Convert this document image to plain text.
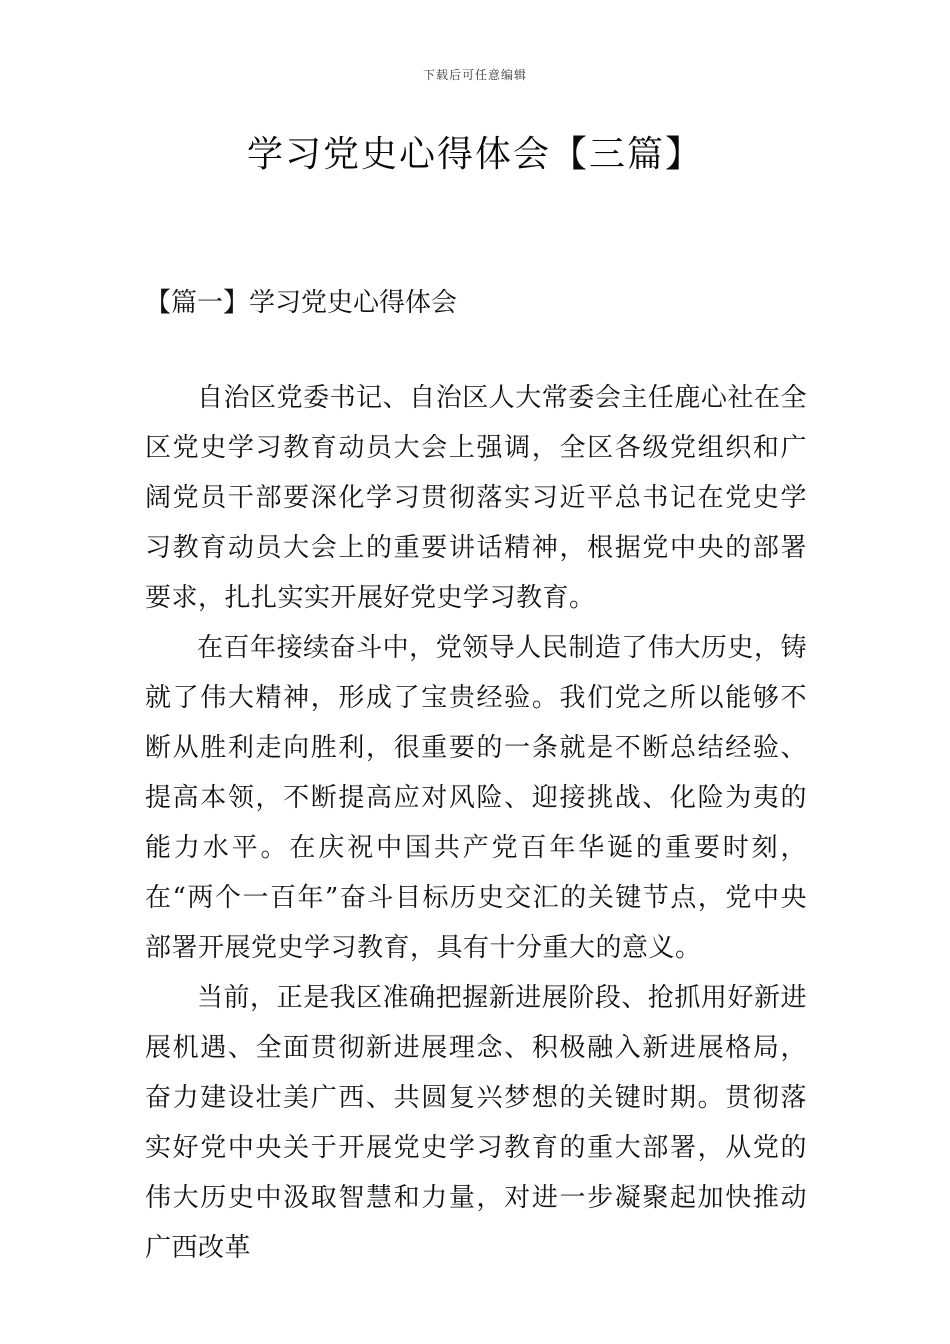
下载后可任意编辑
学习党史心得体会【三篇】
【篇一】学习党史心得体会

自治区党委书记、自治区人大常委会主任鹿心社在全区党史学习教育动员大会上强调，全区各级党组织和广阔党员干部要深化学习贯彻落实习近平总书记在党史学习教育动员大会上的重要讲话精神，根据党中央的部署要求，扎扎实实开展好党史学习教育。

在百年接续奋斗中，党领导人民制造了伟大历史，铸就了伟大精神，形成了宝贵经验。我们党之所以能够不断从胜利走向胜利，很重要的一条就是不断总结经验、提高本领，不断提高应对风险、迎接挑战、化险为夷的能力水平。在庆祝中国共产党百年华诞的重要时刻，在“两个一百年”奋斗目标历史交汇的关键节点，党中央部署开展党史学习教育，具有十分重大的意义。

当前，正是我区准确把握新进展阶段、抢抓用好新进展机遇、全面贯彻新进展理念、积极融入新进展格局，奋力建设壮美广西、共圆复兴梦想的关键时期。贯彻落实好党中央关于开展党史学习教育的重大部署，从党的伟大历史中汲取智慧和力量，对进一步凝聚起加快推动广西改革
